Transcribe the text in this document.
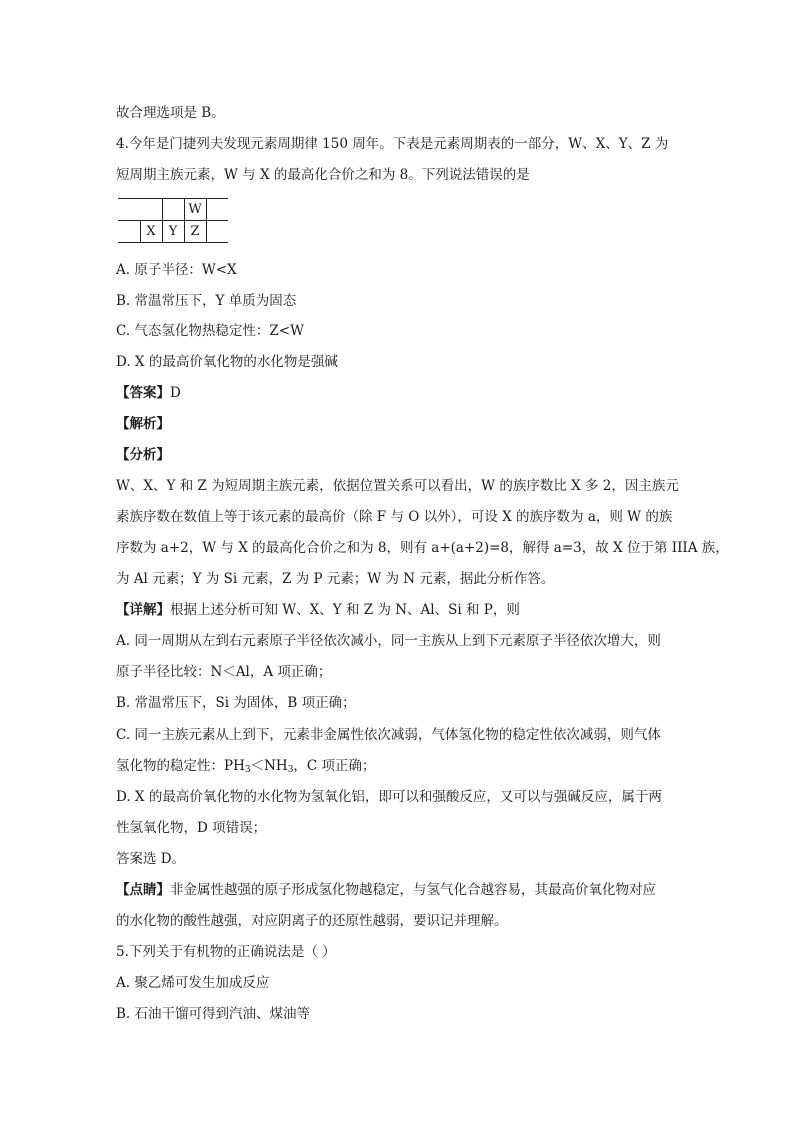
故合理选项是 B。
4.今年是门捷列夫发现元素周期律 150 周年。下表是元素周期表的一部分，W、X、Y、Z 为
短周期主族元素，W 与 X 的最高化合价之和为 8。下列说法错误的是
W
X	Y	Z
A. 原子半径：W<X
B. 常温常压下，Y 单质为固态
C. 气态氢化物热稳定性：Z<W
D. X 的最高价氧化物的水化物是强碱
【答案】D
【解析】
【分析】
W、X、Y 和 Z 为短周期主族元素，依据位置关系可以看出，W 的族序数比 X 多 2，因主族元
素族序数在数值上等于该元素的最高价（除 F 与 O 以外），可设 X 的族序数为 a，则 W 的族
序数为 a+2，W 与 X 的最高化合价之和为 8，则有 a+(a+2)=8，解得 a=3，故 X 位于第 IIIA 族，
为 Al 元素；Y 为 Si 元素，Z 为 P 元素；W 为 N 元素，据此分析作答。
【详解】根据上述分析可知 W、X、Y 和 Z 为 N、Al、Si 和 P，则
A. 同一周期从左到右元素原子半径依次减小，同一主族从上到下元素原子半径依次增大，则
原子半径比较：N＜Al，A 项正确；
B. 常温常压下，Si 为固体，B 项正确；
C. 同一主族元素从上到下，元素非金属性依次减弱，气体氢化物的稳定性依次减弱，则气体
氢化物的稳定性：$PH_3<NH_3$，C 项正确；
D. X 的最高价氧化物的水化物为氢氧化铝，即可以和强酸反应，又可以与强碱反应，属于两
性氢氧化物，D 项错误；
答案选 D。
【点睛】非金属性越强的原子形成氢化物越稳定，与氢气化合越容易，其最高价氧化物对应
的水化物的酸性越强，对应阴离子的还原性越弱，要识记并理解。
5.下列关于有机物的正确说法是（ ）
A. 聚乙烯可发生加成反应
B. 石油干馏可得到汽油、煤油等
